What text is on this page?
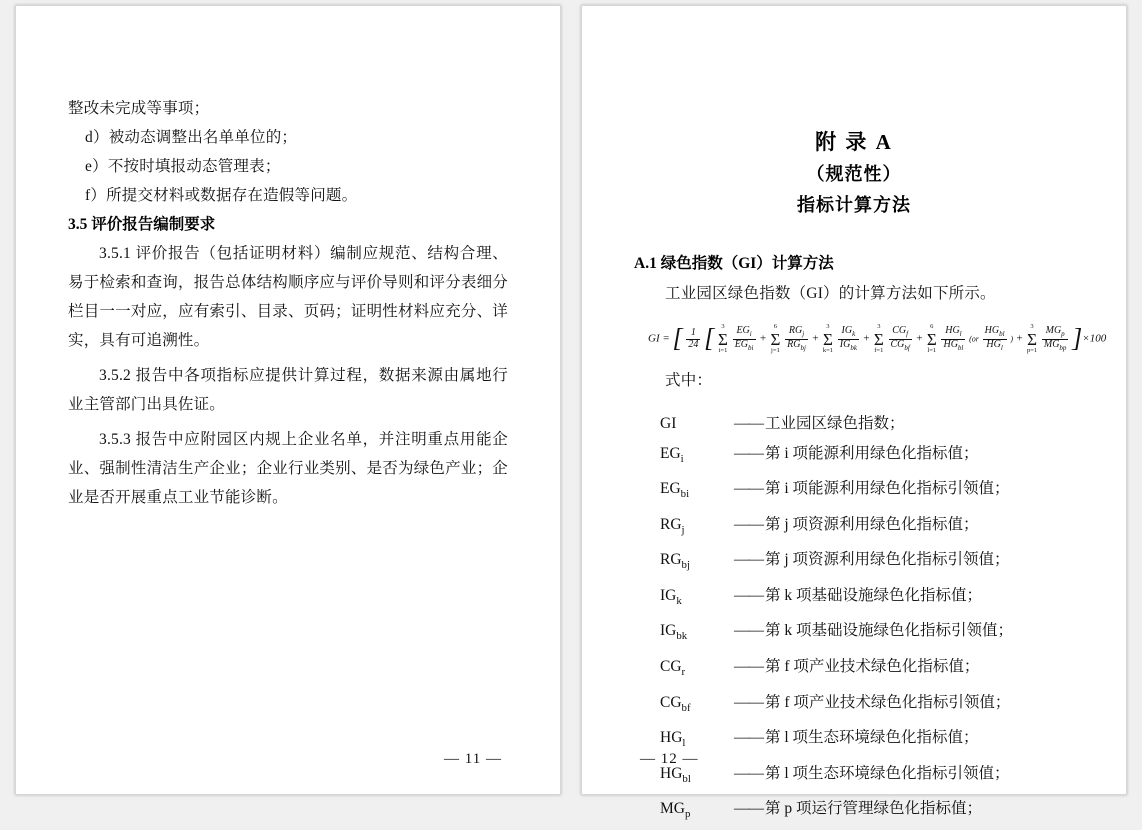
整改未完成等事项；

d）被动态调整出名单单位的；

e）不按时填报动态管理表；

f）所提交材料或数据存在造假等问题。

3.5 评价报告编制要求

3.5.1 评价报告（包括证明材料）编制应规范、结构合理、易于检索和查询，报告总体结构顺序应与评价导则和评分表细分栏目一一对应，应有索引、目录、页码；证明性材料应充分、详实，具有可追溯性。

3.5.2 报告中各项指标应提供计算过程，数据来源由属地行业主管部门出具佐证。

3.5.3 报告中应附园区内规上企业名单，并注明重点用能企业、强制性清洁生产企业；企业行业类别、是否为绿色产业；企业是否开展重点工业节能诊断。

— 11 —

附 录 A

（规范性）

指标计算方法

A.1 绿色指数（GI）计算方法

工业园区绿色指数（GI）的计算方法如下所示。

GI = [ $\frac{1}{24}$ [	3
Σ
i=1
$\frac{EG_i}{EG_{bi}}$ +
6
Σ
j=1
$\frac{RG_j}{RG_{bj}}$ +
3
Σ
k=1
$\frac{IG_k}{IG_{bk}}$ +
3
Σ
f=1
$\frac{CG_f}{CG_{bf}}$ +
6
Σ
l=1
$\frac{HG_l}{HG_{bl}} (or \frac{HG_{bl}}{HG_l}$ ) +
3
Σ
p=1
$\frac{MG_p}{MG_{bp}} ]\times 100$

式中：

GI	—— 工业园区绿色指数；
$EG_i$	—— 第 i 项能源利用绿色化指标值；
$EG_{bi}$	—— 第 i 项能源利用绿色化指标引领值；
$RG_j$	—— 第 j 项资源利用绿色化指标值；
$RG_{bj}$	—— 第 j 项资源利用绿色化指标引领值；
$IG_k$	—— 第 k 项基础设施绿色化指标值；
$IG_{bk}$	—— 第 k 项基础设施绿色化指标引领值；
$CG_r$	—— 第 f 项产业技术绿色化指标值；
$CG_{bf}$	—— 第 f 项产业技术绿色化指标引领值；
$HG_l$	—— 第 l 项生态环境绿色化指标值；
$HG_{bl}$	—— 第 l 项生态环境绿色化指标引领值；
$MG_p$	—— 第 p 项运行管理绿色化指标值；
— 12 —
